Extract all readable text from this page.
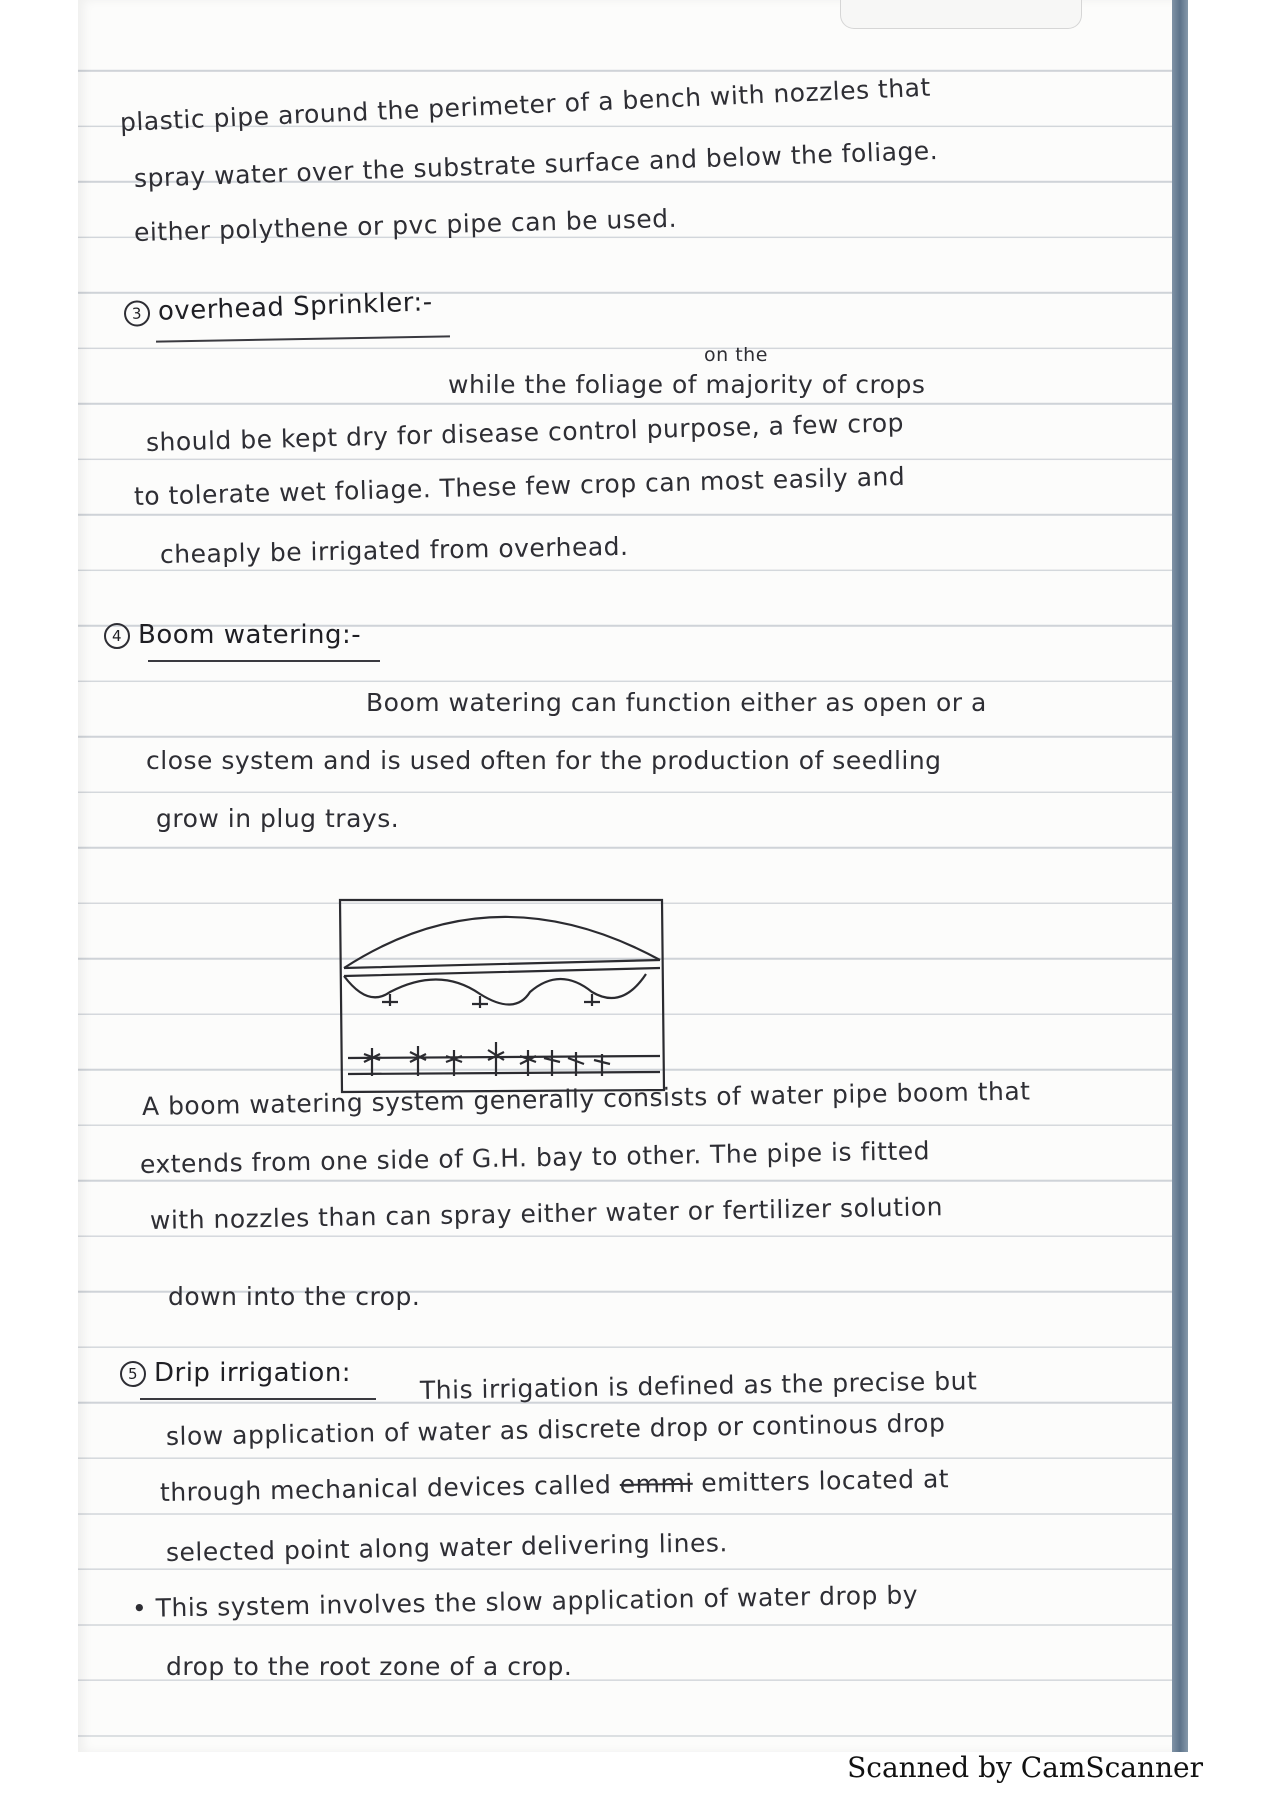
plastic pipe around the perimeter of a bench with nozzles that

spray water over the substrate surface and below the foliage.

either polythene or pvc pipe can be used.

3 overhead Sprinkler:-

on the

while the foliage of majority of crops

should be kept dry for disease control purpose, a few crop

to tolerate wet foliage. These few crop can most easily and

cheaply be irrigated from overhead.

4 Boom watering:-

Boom watering can function either as open or a

close system and is used often for the production of seedling

grow in plug trays.

A boom watering system generally consists of water pipe boom that

extends from one side of G.H. bay to other. The pipe is fitted

with nozzles than can spray either water or fertilizer solution

down into the crop.

5 Drip irrigation:	This irrigation is defined as the precise but

slow application of water as discrete drop or continous drop

through mechanical devices called emmi emitters located at

selected point along water delivering lines.

• This system involves the slow application of water drop by

drop to the root zone of a crop.

Scanned by CamScanner
